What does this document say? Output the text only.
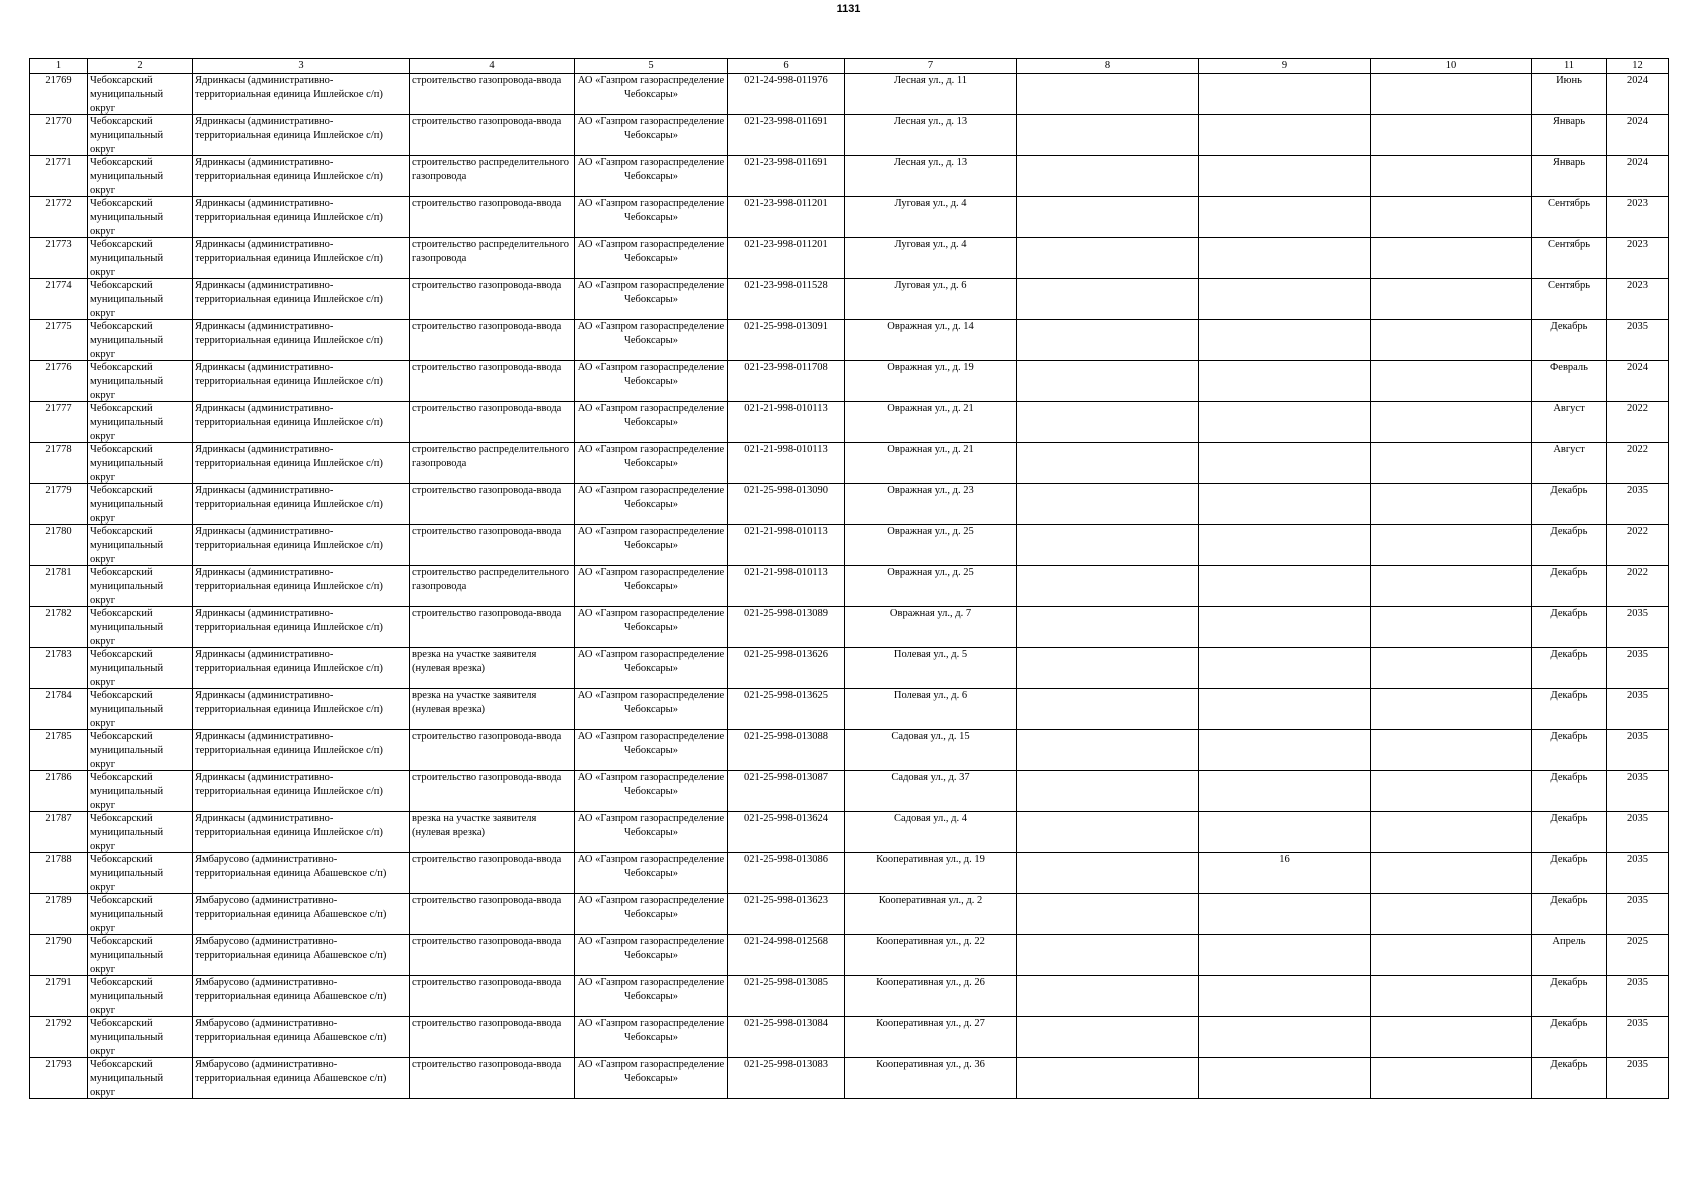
1131
1	2	3	4	5	6	7	8	9	10	11	12

21769	Чебоксарский муниципальный округ	Ядринкасы (административно-территориальная единица Ишлейское с/п)	строительство газопровода-ввода	АО «Газпром газораспределение Чебоксары»	021-24-998-011976	Лесная ул., д. 11				Июнь	2024

21770	Чебоксарский муниципальный округ	Ядринкасы (административно-территориальная единица Ишлейское с/п)	строительство газопровода-ввода	АО «Газпром газораспределение Чебоксары»	021-23-998-011691	Лесная ул., д. 13				Январь	2024

21771	Чебоксарский муниципальный округ	Ядринкасы (административно-территориальная единица Ишлейское с/п)	строительство распределительного газопровода	АО «Газпром газораспределение Чебоксары»	021-23-998-011691	Лесная ул., д. 13				Январь	2024

21772	Чебоксарский муниципальный округ	Ядринкасы (административно-территориальная единица Ишлейское с/п)	строительство газопровода-ввода	АО «Газпром газораспределение Чебоксары»	021-23-998-011201	Луговая ул., д. 4				Сентябрь	2023

21773	Чебоксарский муниципальный округ	Ядринкасы (административно-территориальная единица Ишлейское с/п)	строительство распределительного газопровода	АО «Газпром газораспределение Чебоксары»	021-23-998-011201	Луговая ул., д. 4				Сентябрь	2023

21774	Чебоксарский муниципальный округ	Ядринкасы (административно-территориальная единица Ишлейское с/п)	строительство газопровода-ввода	АО «Газпром газораспределение Чебоксары»	021-23-998-011528	Луговая ул., д. 6				Сентябрь	2023

21775	Чебоксарский муниципальный округ	Ядринкасы (административно-территориальная единица Ишлейское с/п)	строительство газопровода-ввода	АО «Газпром газораспределение Чебоксары»	021-25-998-013091	Овражная ул., д. 14				Декабрь	2035

21776	Чебоксарский муниципальный округ	Ядринкасы (административно-территориальная единица Ишлейское с/п)	строительство газопровода-ввода	АО «Газпром газораспределение Чебоксары»	021-23-998-011708	Овражная ул., д. 19				Февраль	2024

21777	Чебоксарский муниципальный округ	Ядринкасы (административно-территориальная единица Ишлейское с/п)	строительство газопровода-ввода	АО «Газпром газораспределение Чебоксары»	021-21-998-010113	Овражная ул., д. 21				Август	2022

21778	Чебоксарский муниципальный округ	Ядринкасы (административно-территориальная единица Ишлейское с/п)	строительство распределительного газопровода	АО «Газпром газораспределение Чебоксары»	021-21-998-010113	Овражная ул., д. 21				Август	2022

21779	Чебоксарский муниципальный округ	Ядринкасы (административно-территориальная единица Ишлейское с/п)	строительство газопровода-ввода	АО «Газпром газораспределение Чебоксары»	021-25-998-013090	Овражная ул., д. 23				Декабрь	2035

21780	Чебоксарский муниципальный округ	Ядринкасы (административно-территориальная единица Ишлейское с/п)	строительство газопровода-ввода	АО «Газпром газораспределение Чебоксары»	021-21-998-010113	Овражная ул., д. 25				Декабрь	2022

21781	Чебоксарский муниципальный округ	Ядринкасы (административно-территориальная единица Ишлейское с/п)	строительство распределительного газопровода	АО «Газпром газораспределение Чебоксары»	021-21-998-010113	Овражная ул., д. 25				Декабрь	2022

21782	Чебоксарский муниципальный округ	Ядринкасы (административно-территориальная единица Ишлейское с/п)	строительство газопровода-ввода	АО «Газпром газораспределение Чебоксары»	021-25-998-013089	Овражная ул., д. 7				Декабрь	2035

21783	Чебоксарский муниципальный округ	Ядринкасы (административно-территориальная единица Ишлейское с/п)	врезка на участке заявителя (нулевая врезка)	АО «Газпром газораспределение Чебоксары»	021-25-998-013626	Полевая ул., д. 5				Декабрь	2035

21784	Чебоксарский муниципальный округ	Ядринкасы (административно-территориальная единица Ишлейское с/п)	врезка на участке заявителя (нулевая врезка)	АО «Газпром газораспределение Чебоксары»	021-25-998-013625	Полевая ул., д. 6				Декабрь	2035

21785	Чебоксарский муниципальный округ	Ядринкасы (административно-территориальная единица Ишлейское с/п)	строительство газопровода-ввода	АО «Газпром газораспределение Чебоксары»	021-25-998-013088	Садовая ул., д. 15				Декабрь	2035

21786	Чебоксарский муниципальный округ	Ядринкасы (административно-территориальная единица Ишлейское с/п)	строительство газопровода-ввода	АО «Газпром газораспределение Чебоксары»	021-25-998-013087	Садовая ул., д. 37				Декабрь	2035

21787	Чебоксарский муниципальный округ	Ядринкасы (административно-территориальная единица Ишлейское с/п)	врезка на участке заявителя (нулевая врезка)	АО «Газпром газораспределение Чебоксары»	021-25-998-013624	Садовая ул., д. 4				Декабрь	2035

21788	Чебоксарский муниципальный округ	Ямбарусово (административно-территориальная единица Абашевское с/п)	строительство газопровода-ввода	АО «Газпром газораспределение Чебоксары»	021-25-998-013086	Кооперативная ул., д. 19		16		Декабрь	2035

21789	Чебоксарский муниципальный округ	Ямбарусово (административно-территориальная единица Абашевское с/п)	строительство газопровода-ввода	АО «Газпром газораспределение Чебоксары»	021-25-998-013623	Кооперативная ул., д. 2				Декабрь	2035

21790	Чебоксарский муниципальный округ	Ямбарусово (административно-территориальная единица Абашевское с/п)	строительство газопровода-ввода	АО «Газпром газораспределение Чебоксары»	021-24-998-012568	Кооперативная ул., д. 22				Апрель	2025

21791	Чебоксарский муниципальный округ	Ямбарусово (административно-территориальная единица Абашевское с/п)	строительство газопровода-ввода	АО «Газпром газораспределение Чебоксары»	021-25-998-013085	Кооперативная ул., д. 26				Декабрь	2035

21792	Чебоксарский муниципальный округ	Ямбарусово (административно-территориальная единица Абашевское с/п)	строительство газопровода-ввода	АО «Газпром газораспределение Чебоксары»	021-25-998-013084	Кооперативная ул., д. 27				Декабрь	2035

21793	Чебоксарский муниципальный округ	Ямбарусово (административно-территориальная единица Абашевское с/п)	строительство газопровода-ввода	АО «Газпром газораспределение Чебоксары»	021-25-998-013083	Кооперативная ул., д. 36				Декабрь	2035
